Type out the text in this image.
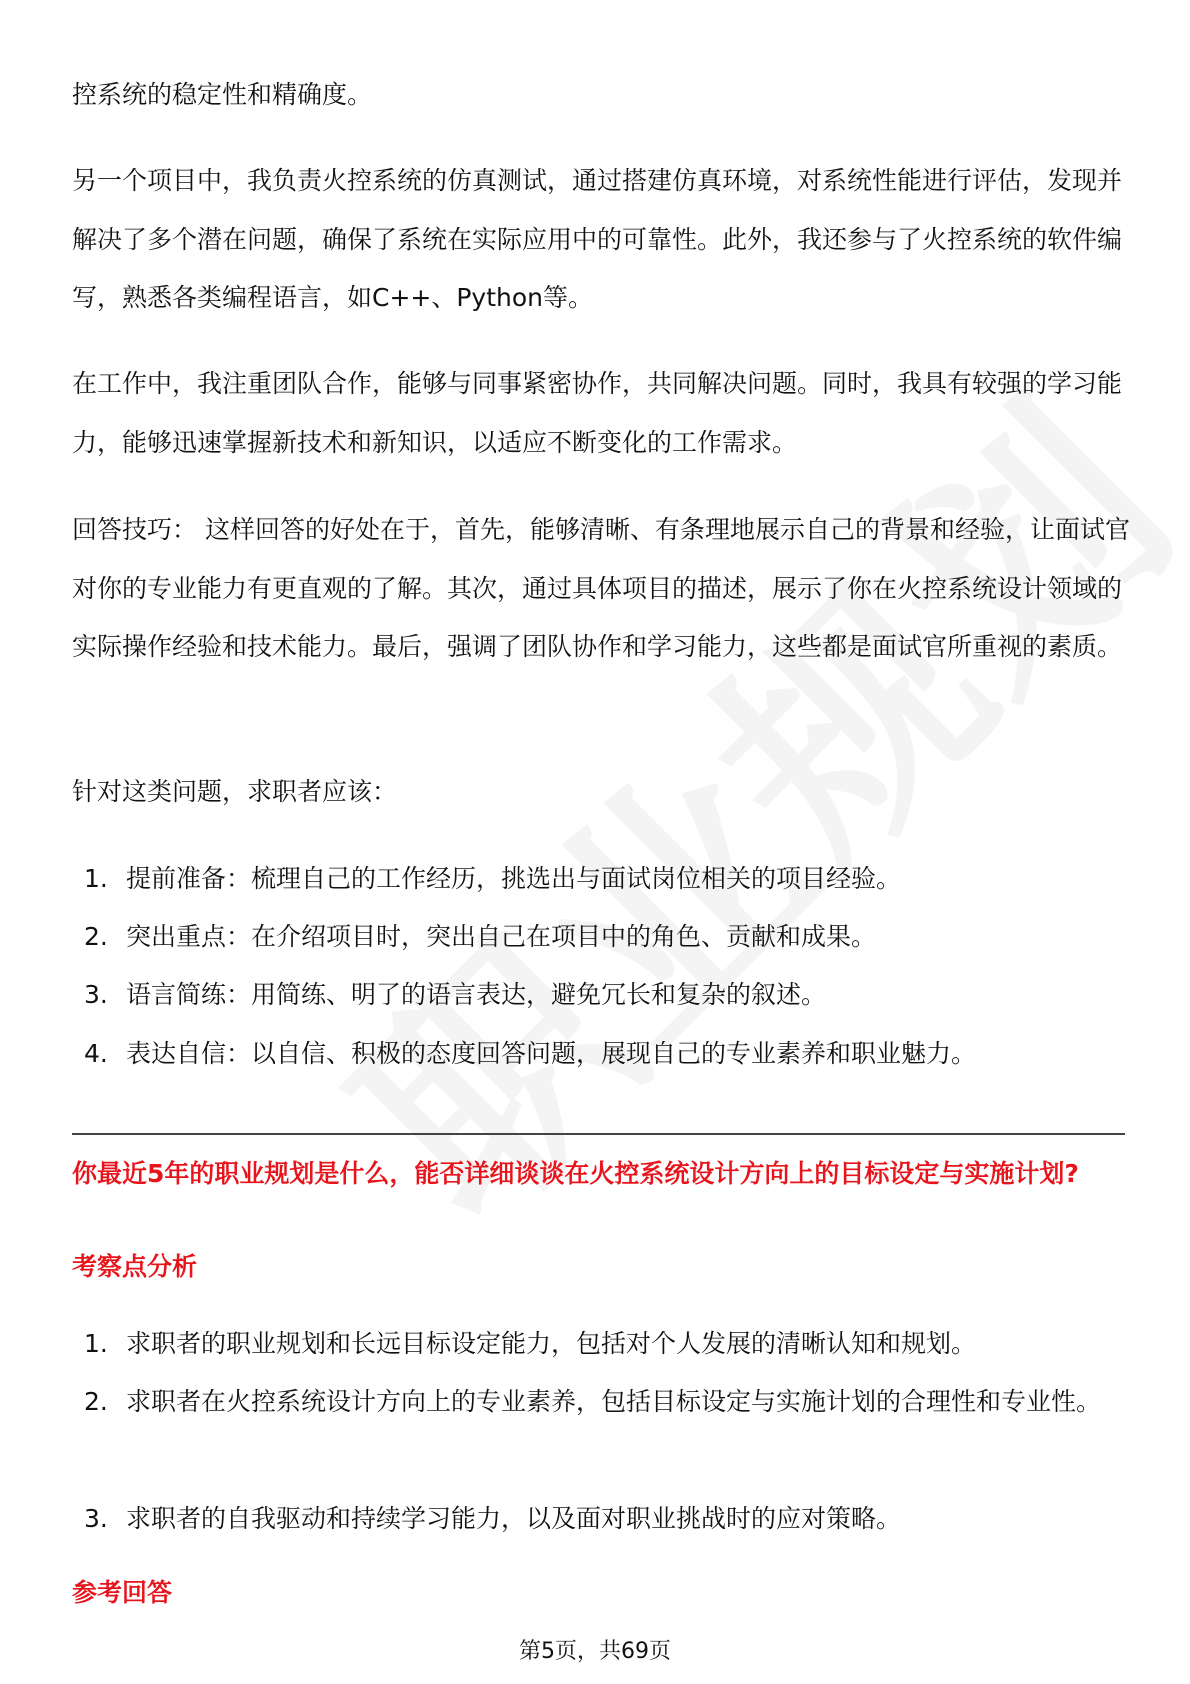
控系统的稳定性和精确度。
另一个项目中，我负责火控系统的仿真测试，通过搭建仿真环境，对系统性能进行评估，发现并解决了多个潜在问题，确保了系统在实际应用中的可靠性。此外，我还参与了火控系统的软件编写，熟悉各类编程语言，如C++、Python等。
在工作中，我注重团队合作，能够与同事紧密协作，共同解决问题。同时，我具有较强的学习能力，能够迅速掌握新技术和新知识，以适应不断变化的工作需求。
回答技巧： 这样回答的好处在于，首先，能够清晰、有条理地展示自己的背景和经验，让面试官对你的专业能力有更直观的了解。其次，通过具体项目的描述，展示了你在火控系统设计领域的实际操作经验和技术能力。最后，强调了团队协作和学习能力，这些都是面试官所重视的素质。
针对这类问题，求职者应该：
1. 提前准备：梳理自己的工作经历，挑选出与面试岗位相关的项目经验。
2. 突出重点：在介绍项目时，突出自己在项目中的角色、贡献和成果。
3. 语言简练：用简练、明了的语言表达，避免冗长和复杂的叙述。
4. 表达自信：以自信、积极的态度回答问题，展现自己的专业素养和职业魅力。
你最近5年的职业规划是什么，能否详细谈谈在火控系统设计方向上的目标设定与实施计划?
考察点分析
1. 求职者的职业规划和长远目标设定能力，包括对个人发展的清晰认知和规划。
2. 求职者在火控系统设计方向上的专业素养，包括目标设定与实施计划的合理性和专业性。
3. 求职者的自我驱动和持续学习能力，以及面对职业挑战时的应对策略。
参考回答
第5页，共69页
